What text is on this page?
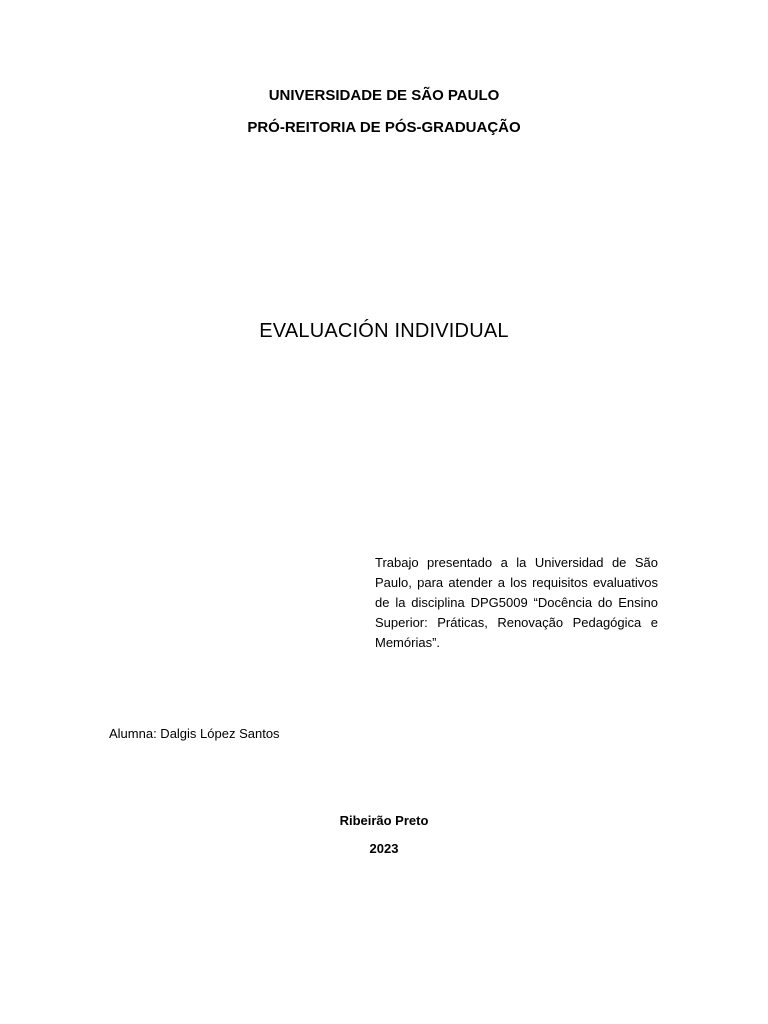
UNIVERSIDADE DE SÃO PAULO
PRÓ-REITORIA DE PÓS-GRADUAÇÃO
EVALUACIÓN INDIVIDUAL
Trabajo presentado a la Universidad de São Paulo, para atender a los requisitos evaluativos de la disciplina DPG5009 “Docência do Ensino Superior: Práticas, Renovação Pedagógica e Memórias”.
Alumna: Dalgis López Santos
Ribeirão Preto
2023
